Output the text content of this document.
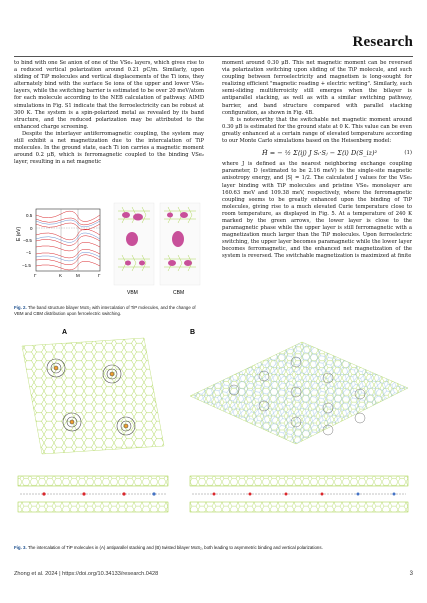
Research

to bind with one Se anion of one of the VSe₂ layers, which gives rise to a reduced vertical polarization around 0.21 pC/m. Similarly, upon sliding of TiP molecules and vertical displacements of the Ti ions, they alternately bind with the surface Se ions of the upper and lower VSe₂ layers, while the switching barrier is estimated to be over 20 meV/atom for each molecule according to the NEB calculation of pathway. AIMD simulations in Fig. S1 indicate that the ferroelectricity can be robust at 300 K. The system is a spin-polarized metal as revealed by its band structure, and the reduced polarization may be attributed to the enhanced charge screening.

Despite the interlayer antiferromagnetic coupling, the system may still exhibit a net magnetization due to the intercalation of TiP molecules. In the ground state, each Ti ion carries a magnetic moment around 0.2 μB, which is ferromagnetic coupled to the binding VSe₂ layer, resulting in a net magnetic

moment around 0.30 μB. This net magnetic moment can be reversed via polarization switching upon sliding of the TiP molecule, and such coupling between ferroelectricity and magnetism is long-sought for realizing efficient "magnetic reading + electric writing". Similarly, such semi-sliding multiferroicity still emerges when the bilayer is antiparallel stacking, as well as with a similar switching pathway, barrier, and band structure compared with parallel stacking configuration, as shown in Fig. 4B.

It is noteworthy that the switchable net magnetic moment around 0.30 μB is estimated for the ground state at 0 K. This value can be even greatly enhanced at a certain range of elevated temperature according to our Monte Carlo simulations based on the Heisenberg model:

Ĥ = − ½ Σ⟨ij⟩ J Sᵢ·Sⱼ − Σ⟨i⟩ D(S_iz)²	(1)

where J is defined as the nearest neighboring exchange coupling parameter, D (estimated to be 2.16 meV) is the single-site magnetic anisotropy energy, and |S| = 1/2. The calculated J values for the VSe₂ layer binding with TiP molecules and pristine VSe₂ monolayer are 160.63 meV and 109.38 meV, respectively, where the ferromagnetic coupling seems to be greatly enhanced upon the binding of TiP molecules, giving rise to a much elevated Curie temperature close to room temperature, as displayed in Fig. 5. At a temperature of 240 K marked by the green arrows, the lower layer is close to the paramagnetic phase while the upper layer is still ferromagnetic with a magnetization much larger than the TiP molecules. Upon ferroelectric switching, the upper layer becomes paramagnetic while the lower layer becomes ferromagnetic, and the enhanced net magnetization of the system is reversed. The switchable magnetization is maximized at finite

E (eV)
0.5
0
−0.5
−1
−1.5
Γ	K	M	Γ
VBM	CBM
Fig. 2. The band structure bilayer MoS₂ with intercalation of TiP molecules, and the change of VBM and CBM distribution upon ferroelectric switching.
A	B
Fig. 3. The intercalation of TiP molecules in (A) antiparallel stacking and (B) twisted bilayer MoS₂, both leading to asymmetric binding and vertical polarizations.
Zhong et al. 2024 | https://doi.org/10.34133/research.0428	3
